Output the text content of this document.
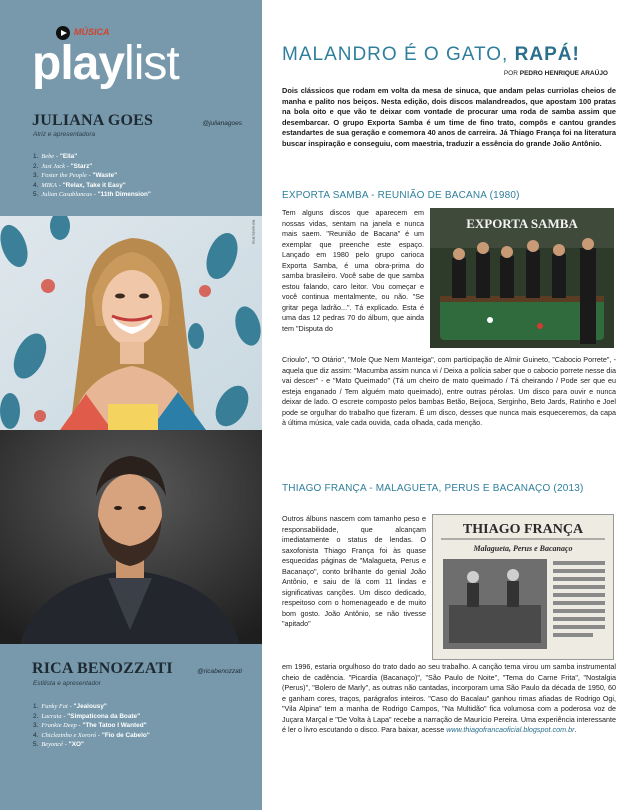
MÚSICA
playlist
JULIANA GOES	@julianagoes
Atriz e apresentadora
1. Bebe - "Ella"
2. Just Jack - "Starz"
3. Foster the People - "Waste"
4. MIKA - "Relax, Take it Easy"
5. Julian Casablancas - "11th Dimension"
fernanda lima
RICA BENOZZATI	@ricabenozzati
Estilista e apresentador
1. Funky Fat - "Jealousy"
2. Lacraia - "Simpaticona da Boate"
3. Frankie Deep - "The Tatoo I Wanted"
4. Chiclezinho e Xororó - "Fio de Cabelo"
5. Beyoncé - "XO"
MALANDRO É O GATO, RAPÁ!
POR PEDRO HENRIQUE ARAÚJO

Dois clássicos que rodam em volta da mesa de sinuca, que andam pelas curriolas cheios de manha e palito nos beiços. Nesta edição, dois discos malandreados, que apostam 100 pratas na bola oito e que vão te deixar com vontade de procurar uma roda de samba assim que desembarcar. O grupo Exporta Samba é um time de fino trato, compôs e cantou grandes estandartes de sua geração e comemora 40 anos de carreira. Já Thiago França foi na literatura buscar inspiração e conseguiu, com maestria, traduzir a essência do grande João Antônio.

EXPORTA SAMBA - REUNIÃO DE BACANA (1980)
EXPORTA SAMBA

Tem alguns discos que aparecem em nossas vidas, sentam na janela e nunca mais saem. "Reunião de Bacana" é um exemplar que preenche este espaço. Lançado em 1980 pelo grupo carioca Exporta Samba, é uma obra-prima do samba brasileiro. Você sabe de que samba estou falando, caro leitor. Vou começar e você continua mentalmente, ou não. "Se gritar pega ladrão...". Tá explicado. Esta é uma das 12 pedras 70 do álbum, que ainda tem "Disputa do

Crioulo", "O Otário", "Mole Que Nem Manteiga", com participação de Almir Guineto, "Cabocio Porrete", - aquela que diz assim: "Macumba assim nunca vi / Deixa a polícia saber que o cabocio porrete nesse dia vai descer" - e "Mato Queimado" (Tá um cheiro de mato queimado / Tá cheirando / Pode ser que eu esteja enganado / Tem alguém mato queimado), entre outras pérolas. Um disco para ouvir e nunca deixar de lado. O escrete composto pelos bambas Betão, Beijoca, Serginho, Beto Jards, Ratinho e Joel pode se orgulhar do trabalho que fizeram. É um disco, desses que nunca mais esqueceremos, da capa à última música, vale cada ouvida, cada olhada, cada menção.

THIAGO FRANÇA - MALAGUETA, PERUS E BACANAÇO (2013)
THIAGO FRANÇA
Malagueta, Perus e Bacanaço

Outros álbuns nascem com tamanho peso e responsabilidade, que alcançam imediatamente o status de lendas. O saxofonista Thiago França foi às quase esquecidas páginas de "Malagueta, Perus e Bacanaço", conto brilhante do genial João Antônio, e saiu de lá com 11 lindas e significativas canções. Um disco dedicado, respeitoso com o homenageado e de muito bom gosto. João Antônio, se não tivesse "apitado"

em 1996, estaria orgulhoso do trato dado ao seu trabalho. A canção tema virou um samba instrumental cheio de cadência. "Picardia (Bacanaço)", "São Paulo de Noite", "Tema do Carne Frita", "Nostalgia (Perus)", "Bolero de Marly", as outras não cantadas, incorporam uma São Paulo da década de 1950, 60 e ganham cores, traços, parágrafos inteiros. "Caso do Bacalau" ganhou rimas afiadas de Rodrigo Ogi, "Vila Alpina" tem a manha de Rodrigo Campos, "Na Multidão" fica volumosa com a poderosa voz de Juçara Marçal e "De Volta à Lapa" recebe a narração de Maurício Pereira. Uma experiência interessante é ler o livro escutando o disco. Para baixar, acesse www.thiagofrancaoficial.blogspot.com.br.
